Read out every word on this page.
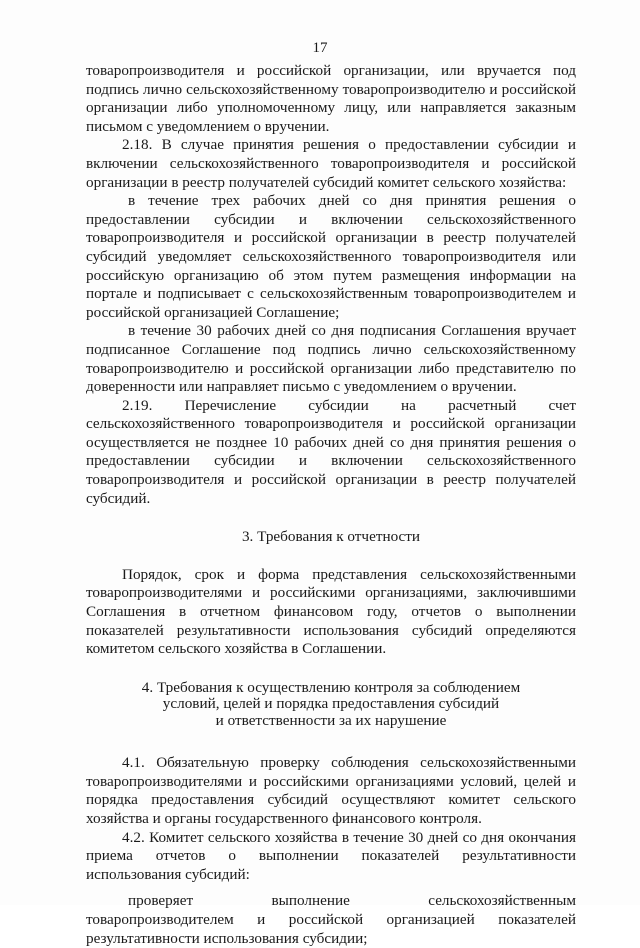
17

товаропроизводителя и российской организации, или вручается под подпись лично сельскохозяйственному товаропроизводителю и российской организации либо уполномоченному лицу, или направляется заказным письмом с уведомлением о вручении.

2.18. В случае принятия решения о предоставлении субсидии и включении сельскохозяйственного товаропроизводителя и российской организации в реестр получателей субсидий комитет сельского хозяйства:

в течение трех рабочих дней со дня принятия решения о предоставлении субсидии и включении сельскохозяйственного товаропроизводителя и российской организации в реестр получателей субсидий уведомляет сельскохозяйственного товаропроизводителя или российскую организацию об этом путем размещения информации на портале и подписывает с сельскохозяйственным товаропроизводителем и российской организацией Соглашение;

в течение 30 рабочих дней со дня подписания Соглашения вручает подписанное Соглашение под подпись лично сельскохозяйственному товаропроизводителю и российской организации либо представителю по доверенности или направляет письмо с уведомлением о вручении.

2.19. Перечисление субсидии на расчетный счет сельскохозяйственного товаропроизводителя и российской организации осуществляется не позднее 10 рабочих дней со дня принятия решения о предоставлении субсидии и включении сельскохозяйственного товаропроизводителя и российской организации в реестр получателей субсидий.

3. Требования к отчетности

Порядок, срок и форма представления сельскохозяйственными товаропроизводителями и российскими организациями, заключившими Соглашения в отчетном финансовом году, отчетов о выполнении показателей результативности использования субсидий определяются комитетом сельского хозяйства в Соглашении.

4. Требования к осуществлению контроля за соблюдением
условий, целей и порядка предоставления субсидий
и ответственности за их нарушение

4.1. Обязательную проверку соблюдения сельскохозяйственными товаропроизводителями и российскими организациями условий, целей и порядка предоставления субсидий осуществляют комитет сельского хозяйства и органы государственного финансового контроля.

4.2. Комитет сельского хозяйства в течение 30 дней со дня окончания приема отчетов о выполнении показателей результативности использования субсидий:

проверяет выполнение сельскохозяйственным товаропроизводителем и российской организацией показателей результативности использования субсидии;
